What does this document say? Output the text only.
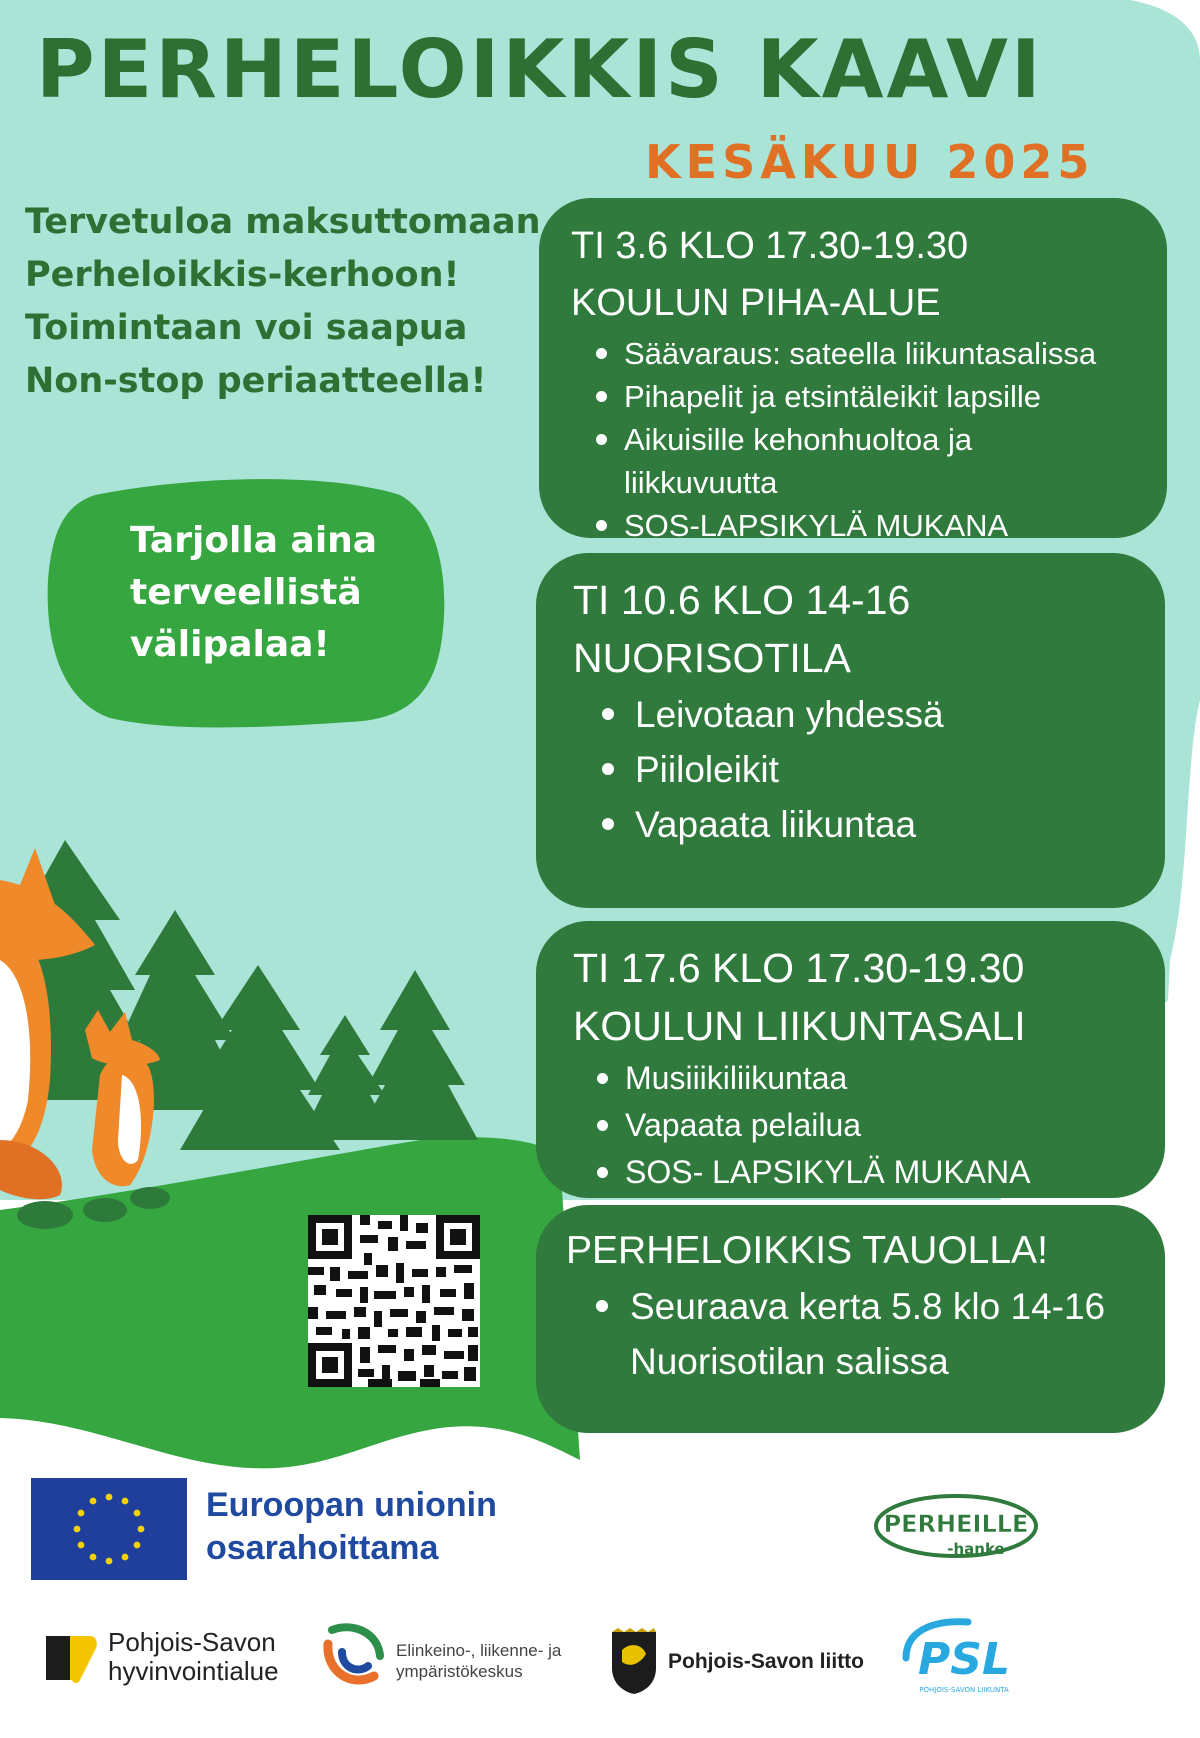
PERHELOIKKIS KAAVI
KESÄKUU 2025

Tervetuloa maksuttomaan
Perheloikkis-kerhoon!
Toimintaan voi saapua
Non-stop periaatteella!

Tarjolla aina
terveellistä
välipalaa!
TI 3.6 KLO 17.30-19.30
KOULUN PIHA-ALUE
Säävaraus: sateella liikuntasalissa
Pihapelit ja etsintäleikit lapsille
Aikuisille kehonhuoltoa ja
liikkuvuutta
SOS-LAPSIKYLÄ MUKANA
TI 10.6 KLO 14-16
NUORISOTILA
Leivotaan yhdessä
Piiloleikit
Vapaata liikuntaa
TI 17.6 KLO 17.30-19.30
KOULUN LIIKUNTASALI
Musiiikiliikuntaa
Vapaata pelailua
SOS- LAPSIKYLÄ MUKANA
PERHELOIKKIS TAUOLLA!
Seuraava kerta 5.8 klo 14-16 Nuorisotilan salissa
Euroopan unionin
osarahoittama
PERHEILLE
-hanke
Pohjois-Savon
hyvinvointialue
Elinkeino-, liikenne- ja
ympäristökeskus	Pohjois-Savon liitto PSL
POHJOIS-SAVON LIIKUNTA
